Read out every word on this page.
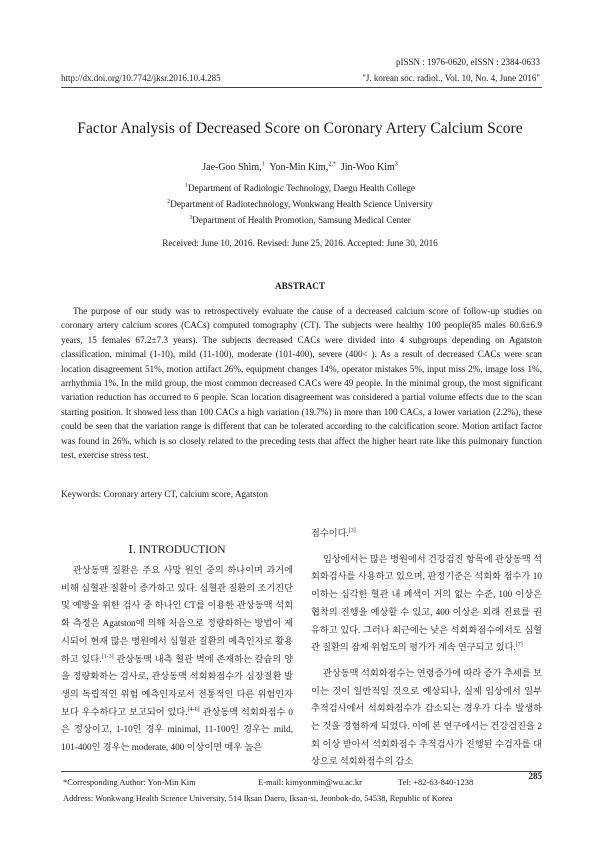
pISSN : 1976-0620, eISSN : 2384-0633
http://dx.doi.org/10.7742/jksr.2016.10.4.285	"J. korean soc. radiol., Vol. 10, No. 4, June 2016"
Factor Analysis of Decreased Score on Coronary Artery Calcium Score
Jae-Goo Shim,$^1$ Yon-Min Kim,$^{2,*}$ Jin-Woo Kim$^3$
$^1$Department of Radiologic Technology, Daegu Health College
$^2$Department of Radiotechnology, Wonkwang Health Science University
$^3$Department of Health Promotion, Samsung Medical Center
Received: June 10, 2016. Revised: June 25, 2016. Accepted: June 30, 2016
ABSTRACT

The purpose of our study was to retrospectively evaluate the cause of a decreased calcium score of follow-up studies on coronary artery calcium scores (CACs) computed tomography (CT). The subjects were healthy 100 people(85 males 60.6±6.9 years, 15 females 67.2±7.3 years). The subjects decreased CACs were divided into 4 subgroups depending on Agatston classification, minimal (1-10), mild (11-100), moderate (101-400), severe (400< ). As a result of decreased CACs were scan location disagreement 51%, motion artifact 26%, equipment changes 14%, operator mistakes 5%, input miss 2%, image loss 1%, arrhythmia 1%. In the mild group, the most common decreased CACs were 49 people. In the minimal group, the most significant variation reduction has occurred to 6 people. Scan location disagreement was considered a partial volume effects due to the scan starting position. It showed less than 100 CACs a high variation (19.7%) in more than 100 CACs, a lower variation (2.2%), these could be seen that the variation range is different that can be tolerated according to the calcification score. Motion artifact factor was found in 26%, which is so closely related to the preceding tests that affect the higher heart rate like this pulmonary function test, exercise stress test.

Keywords: Coronary artery CT, calcium score, Agatston
Ⅰ. INTRODUCTION

관상동맥 질환은 주요 사망 원인 중의 하나이며 과거에 비해 심혈관 질환이 증가하고 있다. 심혈관 질환의 조기진단 및 예방을 위한 검사 중 하나인 CT를 이용한 관상동맥 석회화 측정은 Agatston에 의해 처음으로 정량화하는 방법이 제시되어 현재 많은 병원에서 심혈관 질환의 예측인자로 활용하고 있다.[1-3] 관상동맥 내측 혈관 벽에 존재하는 칼슘의 양을 정량화하는 검사로, 관상동맥 석회화점수가 심장질환 발생의 독립적인 위험 예측인자로서 전통적인 다른 위험인자보다 우수하다고 보고되어 있다.[4-6] 관상동맥 석회화점수 0은 정상이고, 1-10인 경우 minimal, 11-100인 경우는 mild, 101-400인 경우는 moderate, 400 이상이면 매우 높은

점수이다.[3]

임상에서는 많은 병원에서 건강검진 항목에 관상동맥 석회화검사를 사용하고 있으며, 판정기준은 석회화 점수가 10 이하는 심각한 혈관 내 폐색이 거의 없는 수준, 100 이상은 협착의 진행을 예상할 수 있고, 400 이상은 외래 진료를 권유하고 있다. 그러나 최근에는 낮은 석회화점수에서도 심혈관 질환의 잠재 위험도의 평가가 계속 연구되고 있다.[7]

관상동맥 석회화점수는 연령증가에 따라 증가 추세를 보이는 것이 일반적일 것으로 예상되나, 실제 임상에서 일부 추적검사에서 석회화점수가 감소되는 경우가 다수 발생하는 것을 경험하게 되었다. 이에 본 연구에서는 건강검진을 2회 이상 받아서 석회화점수 추적검사가 진행된 수검자를 대상으로 석회화점수의 감소

285
*Corresponding Author: Yon-Min Kim	E-mail: kimyonmin@wu.ac.kr	Tel: +82-63-840-1238
Address: Wonkwang Health Science University, 514 Iksan Daero, Iksan-si, Jeonbok-do, 54538, Republic of Korea
